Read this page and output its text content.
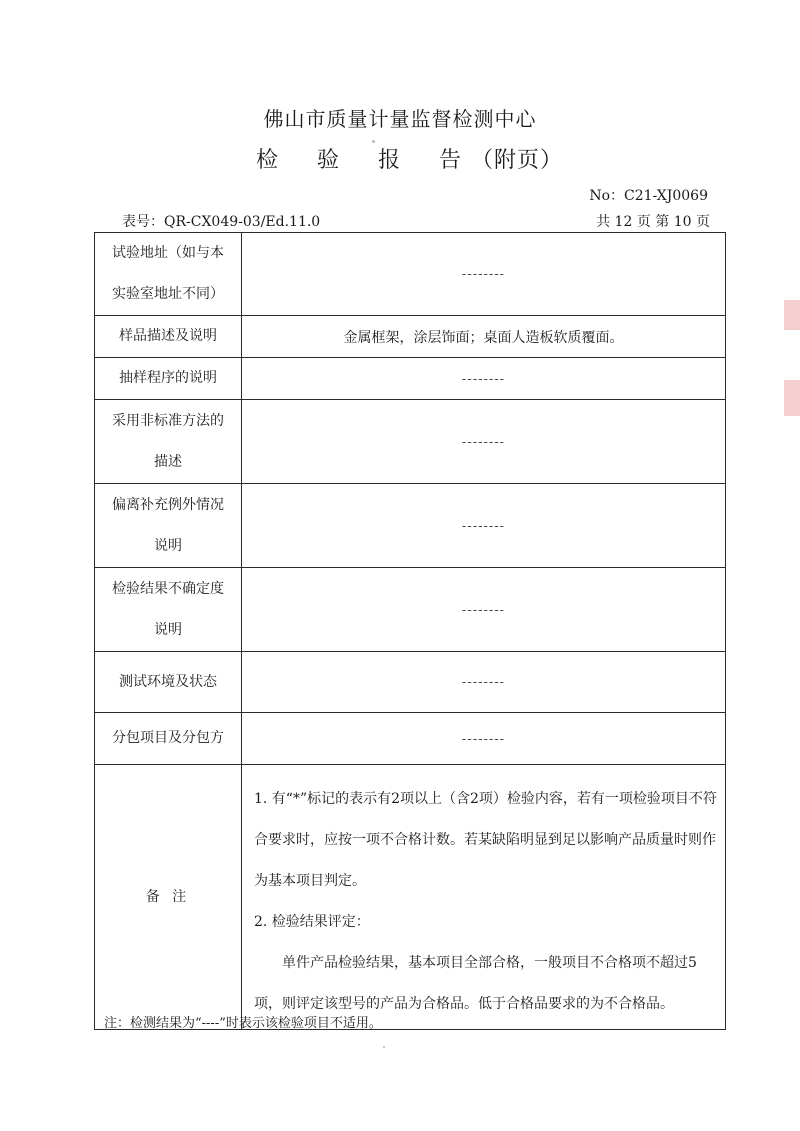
佛山市质量计量监督检测中心
检 验 报 告 （附页）
No：C21-XJ0069
表号：QR-CX049-03/Ed.11.0	共 12 页 第 10 页
试验地址（如与本
实验室地址不同）	--------

样品描述及说明	金属框架，涂层饰面；桌面人造板软质覆面。

抽样程序的说明	--------

采用非标准方法的
描述	--------

偏离补充例外情况
说明	--------

检验结果不确定度
说明	--------

测试环境及状态	--------

分包项目及分包方	--------
备 注	1. 有“*”标记的表示有2项以上（含2项）检验内容，若有一项检验项目不符合要求时，应按一项不合格计数。若某缺陷明显到足以影响产品质量时则作为基本项目判定。

2. 检验结果评定：

单件产品检验结果，基本项目全部合格，一般项目不合格项不超过5项，则评定该型号的产品为合格品。低于合格品要求的为不合格品。

注：检测结果为“----”时表示该检验项目不适用。
